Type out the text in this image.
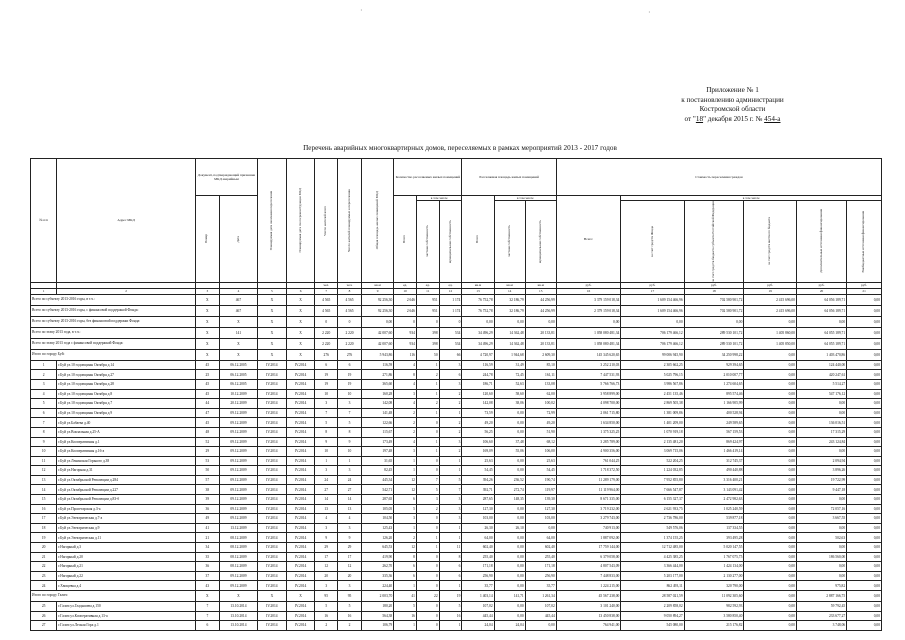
·	·
Приложение № 1
к постановлению администрации
Костромской области
от "18" декабря 2015 г. № 454-а
Перечень аварийных многоквартирных домов, переселяемых в рамках мероприятий 2013 - 2017 годов
№ п/п	Адрес МКД	Документ, подтверждающий признание МКД аварийным		Планируемая дата окончания переселения	Планируемая дата сноса/реконструкции МКД	Число жителей всего	Число жителей планируемых к переселению	Общая площадь жилых помещений МКД	Количество расселяемых жилых помещений			Расселяемая площадь жилых помещений			Стоимость переселения граждан					

		Номер	Дата						Всего	в том числе		Всего	в том числе		Всего:	в том числе				

										частная собственность	муниципальная собственность		частная собственность	муниципальная собственность		за счет средств Фонда	за счет средств бюджета субъекта Российской Федерации	за счет средств местного бюджета	Дополнительные источники финансирования	Внебюджетные источники финансирования

						чел.	чел.	кв.м	ед.	ед.	ед.	кв.м	кв.м	кв.м	руб.	руб.	руб.	руб.	руб.	руб.
1	2	3	4	5	6	7	8	9	10	11	12	13	14	15	16	17	18	19	20	21
Всего по субъекту 2013-2016 годы, в т.ч.:		Х	467	Х	Х	4 565	4 565	92 256,30	2 646	951	1 174	76 752,78	32 186,79	44 256,99	3 379 159 018,34	1 609 154 466,96	702 580 901,72	2 415 696,00	64 056 189,71	0,00
Всего по субъекту 2013-2016 годы, с финансовой поддержкой Фонда:		Х	467	Х	Х	4 565	4 565	92 256,30	2 646	951	1 174	76 752,78	32 186,79	44 256,99	2 379 159 018,34	1 609 154 466,96	702 580 901,72	2 415 696,00	64 056 189,71	0,00
Всего по субъекту 2013-2016 годы, без финансовой поддержки Фонда:		Х	Х	Х	Х	0	0	0,00	0	0	0	0,00	0,00	0,00	0,00	0,00	0,00	0,00	0,00	0,00
Всего по этапу 2013 года, в т.ч.:		Х	141	Х	Х	2 220	2 220	42 007,60	934	398	534	34 496,29	14 362,48	20 133,81	1 058 080 481,34	706 179 466,12	289 530 101,72	1 405 860,00	64 055 189,71	0,00
Всего по этапу 2013 года с финансовой поддержкой Фонда:		Х	Х	Х	Х	2 220	2 220	42 007,60	934	398	534	34 496,29	14 362,48	20 133,81	1 058 080 481,34	706 179 466,12	289 530 101,72	1 405 850,00	64 055 189,71	0,00
Итого по городу Буй:		Х	Х	Х	Х	276	276	5 943,86	116	50	66	4 720,97	1 944,68	2 609,30	145 345 620,65	99 006 945,90	34 250 998,22	0,00	1 403 470,86	0,00
1	г.Буй ул.10 годовщины Октября д.14	45	06.12.2005	IV.2014	IV.2014	6	6	116,59	4	1	3	116,59	31,49	85,10	3 252 210,03	2 305 662,25	929 394,65	0,00	124 440,00	0,00
2	г.Буй ул.10 годовщины Октября д.27	25	06.12.2005	IV.2014	IV.2014	19	19	271,86	8	2	6	244,78	72,45	161,11	7 447 531,93	5 025 796,15	2 010 007,77	0,00	420 247,61	0,00
3	г.Буй ул.10 годовщины Октября д.28	45	06.12.2005	IV.2014	IV.2014	19	19	365,60	4	1	3	186,71	52,63	133,08	5 766 766,73	3 986 567,86	1 274 604,65	0,00	5 514,27	0,00
4	г.Буй ул.10 годовщины Октября д.8	45	10.12.2009	IV.2014	IV.2014	10	10	160,28	3	1	2	120,60	58,60	62,00	3 958 899,00	2 451 135,46	895 574,46	0,00	547 176,12	0,00
5	г.Буй ул.10 годовщины Октября д.7	44	20.12.2009	IV.2014	IV.2014	3	3	142,08	4	2	2	142,08	38,06	100,02	4 098 700,00	2 869 505,38	1 166 905,99	0,00	0,00	0,00
6	г.Буй ул.10 годовщины Октября д.9	47	09.12.2009	IV.2014	IV.2014	7	7	141,48	2	1	1	73,59	0,00	72,99	2 061 715,80	1 381 009,86	400 528,94	0,00	0,00	0,00
7	г.Буй ул.Бабаева д.40	45	09.12.2009	IV.2014	IV.2014	5	5	122,66	2	0	2	49,20	0,00	49,20	1 634 850,00	1 401 209,00	249 589,65	0,00	136 016,51	0,00
8	г.Буй ул.Вокзальная д.25-А	48	09.12.2009	IV.2014	IV.2014	8	8	115,67	2	0	2	56,25	0,00	51,90	1 375 325,25	1 070 919,18	567 159,53	0,00	17 315,29	0,00
9	г.Буй ул.Кооперативная д.1	52	09.12.2009	IV.2014	IV.2014	9	9	173,49	4	1	3	106,60	37,48	68,12	3 285 789,00	2 135 481,20	869 424,97	0,00	243 124,84	0,00
10	г.Буй ул.Кооперативная д.16-а	29	09.12.2009	IV.2014	IV.2014	10	10	197,48	3	1	2	169,09	55,06	106,00	4 900 356,00	3 069 715,06	1 466 419,14	0,00	0,00	0,00
11	г.Буй ул.Ленинская Горького д.38	53	09.12.2009	IV.2014	IV.2014	1	1	31,65	1	0	1	25,63	0,00	25,63	761 044,25	522 204,25	312 745,37	0,00	2 094,94	0,00
12	г.Буй ул.Нагорная д.31	50	09.12.2009	IV.2014	IV.2014	3	3	82,45	1	0	1	54,45	0,00	54,45	1 718 372,50	1 224 032,85	490 440,88	0,00	3 896,26	0,00
13	г.Буй ул.Октябрьской Революции д.284	57	09.12.2009	IV.2014	IV.2014	24	24	445,34	12	7	5	394,26	236,52	190,74	11 289 179,00	7 952 855,80	3 316 400,21	0,00	19 722,99	0,00
14	г.Буй ул.Октябрьской Революции д.227	38	09.12.2009	IV.2014	IV.2014	27	27	542,71	12	5	7	392,71	272,74	119,97	11 119 964,00	7 666 547,87	3 143 091,42	0,00	9 447,18	0,00
15	г.Буй ул.Октябрьской Революции д.83-б	39	09.12.2009	IV.2014	IV.2014	14	14	287,65	6	3	3	287,65	148,35	139,30	8 671 335,00	6 155 327,37	2 472 982,63	0,00	0,00	0,00
16	г.Буй ул.Пролетарская д.3-а	36	09.12.2009	IV.2014	IV.2014	13	13	105,05	5	2	3	127,30	0,00	127,30	3 719 232,00	2 621 933,75	1 025 240,59	0,00	72 057,16	0,00
17	г.Буй ул.Электрическая д.7-а	49	09.12.2009	IV.2014	IV.2014	4	4	104,50	3	0	3	103,00	0,00	103,00	3 279 743,00	2 736 786,00	539 877,18	0,00	3 667,55	0,00
18	г.Буй ул.Электрическая д.9	41	13.12.2009	IV.2014	IV.2014	3	3	125,43	1	0	1	26,30	26,10	0,00	740 913,00	549 576,06	137 334,55	0,00	0,00	0,00
19	г.Буй ул.Электрическая д.11	21	08.12.2009	IV.2014	IV.2014	9	9	126,20	2	1	1	64,00	0,00	64,00	1 887 092,00	1 374 155,25	393 495,28	0,00	502,63	0,00
20	г.Нагорный д.3	34	08.12.2009	IV.2014	IV.2014	29	29	645,53	12	1	11	602,40	0,00	602,40	17 759 144,00	12 712 485,00	5 020 147,55	0,00	0,00	0,00
21	г.Нагорный д.20	35	08.12.2009	IV.2014	IV.2014	17	17	419,90	8	0	8	255,40	0,00	255,40	6 379 058,00	4 425 385,25	1 767 075,75	0,00	186 560,00	0,00
22	г.Нагорный д.21	36	08.12.2009	IV.2014	IV.2014	12	12	262,70	6	0	6	171,18	0,00	171,18	4 807 543,09	3 366 444,00	1 424 134,00	0,00	0,00	0,00
23	г.Нагорный д.22	37	09.12.2009	IV.2014	IV.2014	20	20	335,36	6	0	6	256,90	0,00	256,90	7 448 833,00	5 203 177,00	2 130 277,00	0,00	0,00	0,00
24	г.Хвощевка д.4	43	09.12.2009	IV.2014	IV.2014	3	3	224,40	1	0	1	35,77	0,00	35,77	1 224 215,00	862 493,11	320 790,00	0,00	975,82	0,00
Итого по городу Галич:		Х	Х	Х	Х	95	95	2 003,70	41	22	19	1 403,14	141,71	1 261,34	45 567 238,00	28 587 021,59	11 092 305,60	0,00	2 887 166,75	0,00
25	г.Галич ул.Гладышева д.150	7	13.10.2014	IV.2014	IV.2014	5	5	180,20	5	0	5	107,02	0,00	107,02	3 101 240,00	2 209 858,02	982 592,93	0,00	59 792,45	0,00
26	г.Галич ул.Кооперативная д.13-а	7	13.10.2014	IV.2014	IV.2014	16	16	564,38	16	0	16	445,44	0,00	445,44	13 450 838,00	9 050 894,27	3 580 850,40	0,00	233 677,27	0,00
27	г.Галич ул.Лесная Гора д.1	6	13.10.2014	IV.2014	IV.2014	2	2	106,79	1	0	1	24,04	24,04	0,00	764 941,00	545 080,00	215 176,82	0,00	3 748,06	0,00
